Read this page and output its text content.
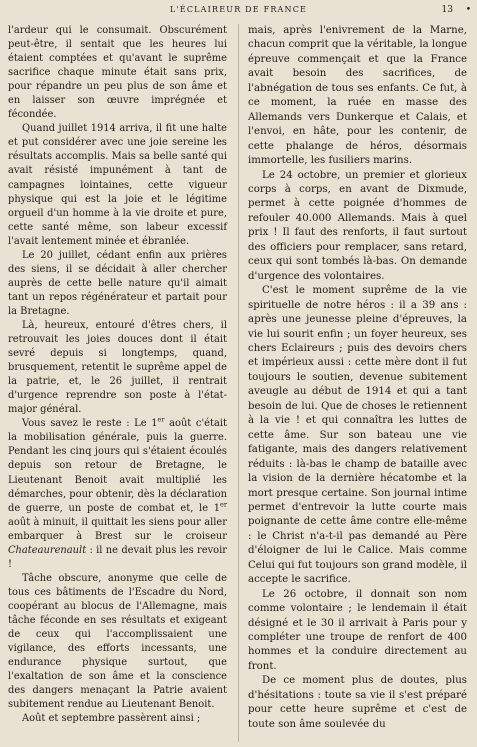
L'ÉCLAIREUR DE FRANCE	13 •

l'ardeur qui le consumait. Obscurément peut-être, il sentait que les heures lui étaient comptées et qu'avant le suprême sacrifice chaque minute était sans prix, pour répandre un peu plus de son âme et en laisser son œuvre imprégnée et fécondée.

Quand juillet 1914 arriva, il fit une halte et put considérer avec une joie sereine les résultats accomplis. Mais sa belle santé qui avait résisté impunément à tant de campagnes lointaines, cette vigueur physique qui est la joie et le légitime orgueil d'un homme à la vie droite et pure, cette santé même, son labeur excessif l'avait lentement minée et ébranlée.

Le 20 juillet, cédant enfin aux prières des siens, il se décidait à aller chercher auprès de cette belle nature qu'il aimait tant un repos régénérateur et partait pour la Bretagne.

Là, heureux, entouré d'êtres chers, il retrouvait les joies douces dont il était sevré depuis si longtemps, quand, brusquement, retentit le suprême appel de la patrie, et, le 26 juillet, il rentrait d'urgence reprendre son poste à l'état-major général.

Vous savez le reste : Le 1er août c'était la mobilisation générale, puis la guerre. Pendant les cinq jours qui s'étaient écoulés depuis son retour de Bretagne, le Lieutenant Benoit avait multiplié les démarches, pour obtenir, dès la déclaration de guerre, un poste de combat et, le 1er août à minuit, il quittait les siens pour aller embarquer à Brest sur le croiseur Chateaurenault : il ne devait plus les revoir !

Tâche obscure, anonyme que celle de tous ces bâtiments de l'Escadre du Nord, coopérant au blocus de l'Allemagne, mais tâche féconde en ses résultats et exigeant de ceux qui l'accomplissaient une vigilance, des efforts incessants, une endurance physique surtout, que l'exaltation de son âme et la conscience des dangers menaçant la Patrie avaient subitement rendue au Lieutenant Benoit.

Août et septembre passèrent ainsi ;

mais, après l'enivrement de la Marne, chacun comprit que la véritable, la longue épreuve commençait et que la France avait besoin des sacrifices, de l'abnégation de tous ses enfants. Ce fut, à ce moment, la ruée en masse des Allemands vers Dunkerque et Calais, et l'envoi, en hâte, pour les contenir, de cette phalange de héros, désormais immortelle, les fusiliers marins.

Le 24 octobre, un premier et glorieux corps à corps, en avant de Dixmude, permet à cette poignée d'hommes de refouler 40.000 Allemands. Mais à quel prix ! Il faut des renforts, il faut surtout des officiers pour remplacer, sans retard, ceux qui sont tombés là-bas. On demande d'urgence des volontaires.

C'est le moment suprême de la vie spirituelle de notre héros : il a 39 ans : après une jeunesse pleine d'épreuves, la vie lui sourit enfin ; un foyer heureux, ses chers Eclaireurs ; puis des devoirs chers et impérieux aussi : cette mère dont il fut toujours le soutien, devenue subitement aveugle au début de 1914 et qui a tant besoin de lui. Que de choses le retiennent à la vie ! et qui connaîtra les luttes de cette âme. Sur son bateau une vie fatigante, mais des dangers relativement réduits : là-bas le champ de bataille avec la vision de la dernière hécatombe et la mort presque certaine. Son journal intime permet d'entrevoir la lutte courte mais poignante de cette âme contre elle-même : le Christ n'a-t-il pas demandé au Père d'éloigner de lui le Calice. Mais comme Celui qui fut toujours son grand modèle, il accepte le sacrifice.

Le 26 octobre, il donnait son nom comme volontaire ; le lendemain il était désigné et le 30 il arrivait à Paris pour y compléter une troupe de renfort de 400 hommes et la conduire directement au front.

De ce moment plus de doutes, plus d'hésitations : toute sa vie il s'est préparé pour cette heure suprême et c'est de toute son âme soulevée du
